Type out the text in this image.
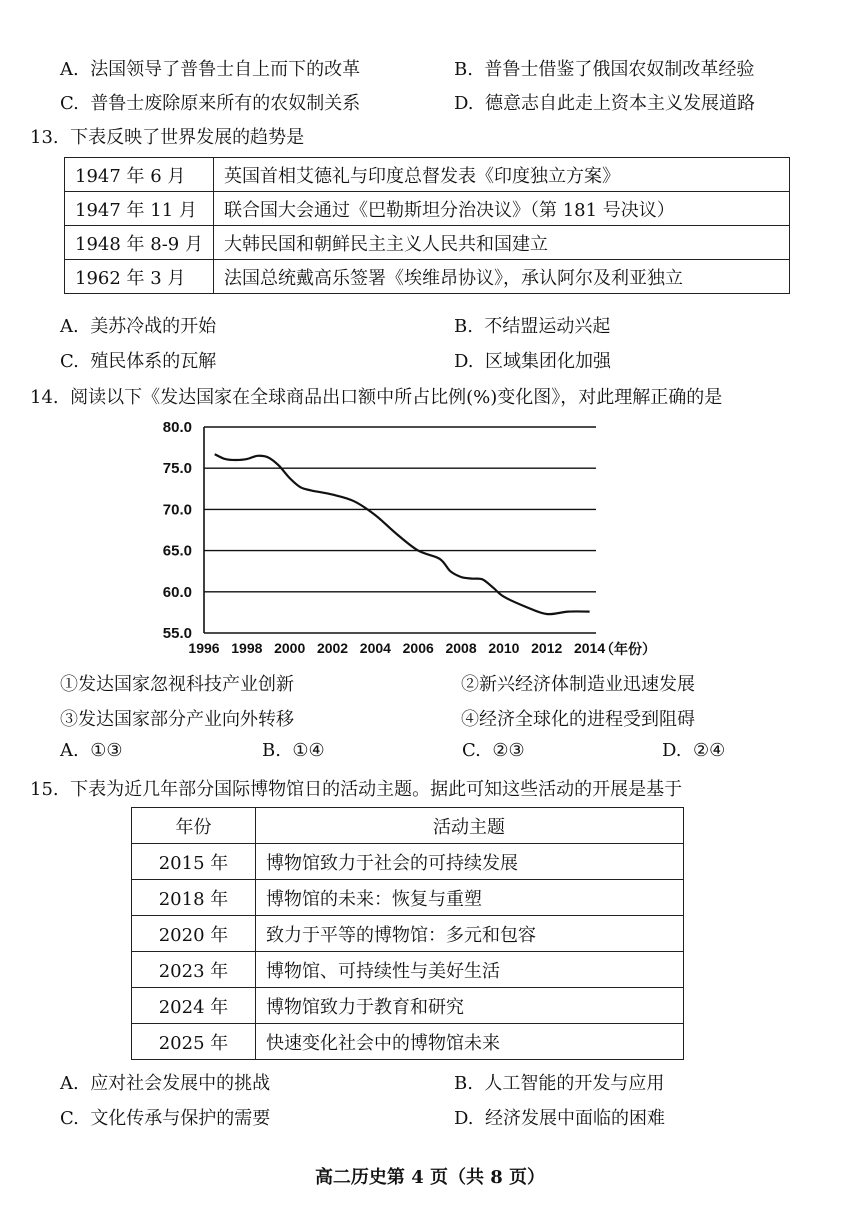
A. 法国领导了普鲁士自上而下的改革	B. 普鲁士借鉴了俄国农奴制改革经验
C. 普鲁士废除原来所有的农奴制关系	D. 德意志自此走上资本主义发展道路
13. 下表反映了世界发展的趋势是
1947 年 6 月	英国首相艾德礼与印度总督发表《印度独立方案》
1947 年 11 月	联合国大会通过《巴勒斯坦分治决议》（第 181 号决议）
1948 年 8-9 月	大韩民国和朝鲜民主主义人民共和国建立
1962 年 3 月	法国总统戴高乐签署《埃维昂协议》，承认阿尔及利亚独立
A. 美苏冷战的开始	B. 不结盟运动兴起
C. 殖民体系的瓦解	D. 区域集团化加强
14. 阅读以下《发达国家在全球商品出口额中所占比例(%)变化图》，对此理解正确的是
80.0
75.0
70.0
65.0
60.0
55.0
1996 1998 2000 2002 2004 2006 2008 2010 2012 2014
（年份）
①发达国家忽视科技产业创新	②新兴经济体制造业迅速发展
③发达国家部分产业向外转移	④经济全球化的进程受到阻碍
A. ①③	B. ①④	C. ②③	D. ②④
15. 下表为近几年部分国际博物馆日的活动主题。据此可知这些活动的开展是基于
年份	活动主题
2015 年	博物馆致力于社会的可持续发展
2018 年	博物馆的未来：恢复与重塑
2020 年	致力于平等的博物馆：多元和包容
2023 年	博物馆、可持续性与美好生活
2024 年	博物馆致力于教育和研究
2025 年	快速变化社会中的博物馆未来
A. 应对社会发展中的挑战	B. 人工智能的开发与应用
C. 文化传承与保护的需要	D. 经济发展中面临的困难
高二历史第 4 页（共 8 页）
